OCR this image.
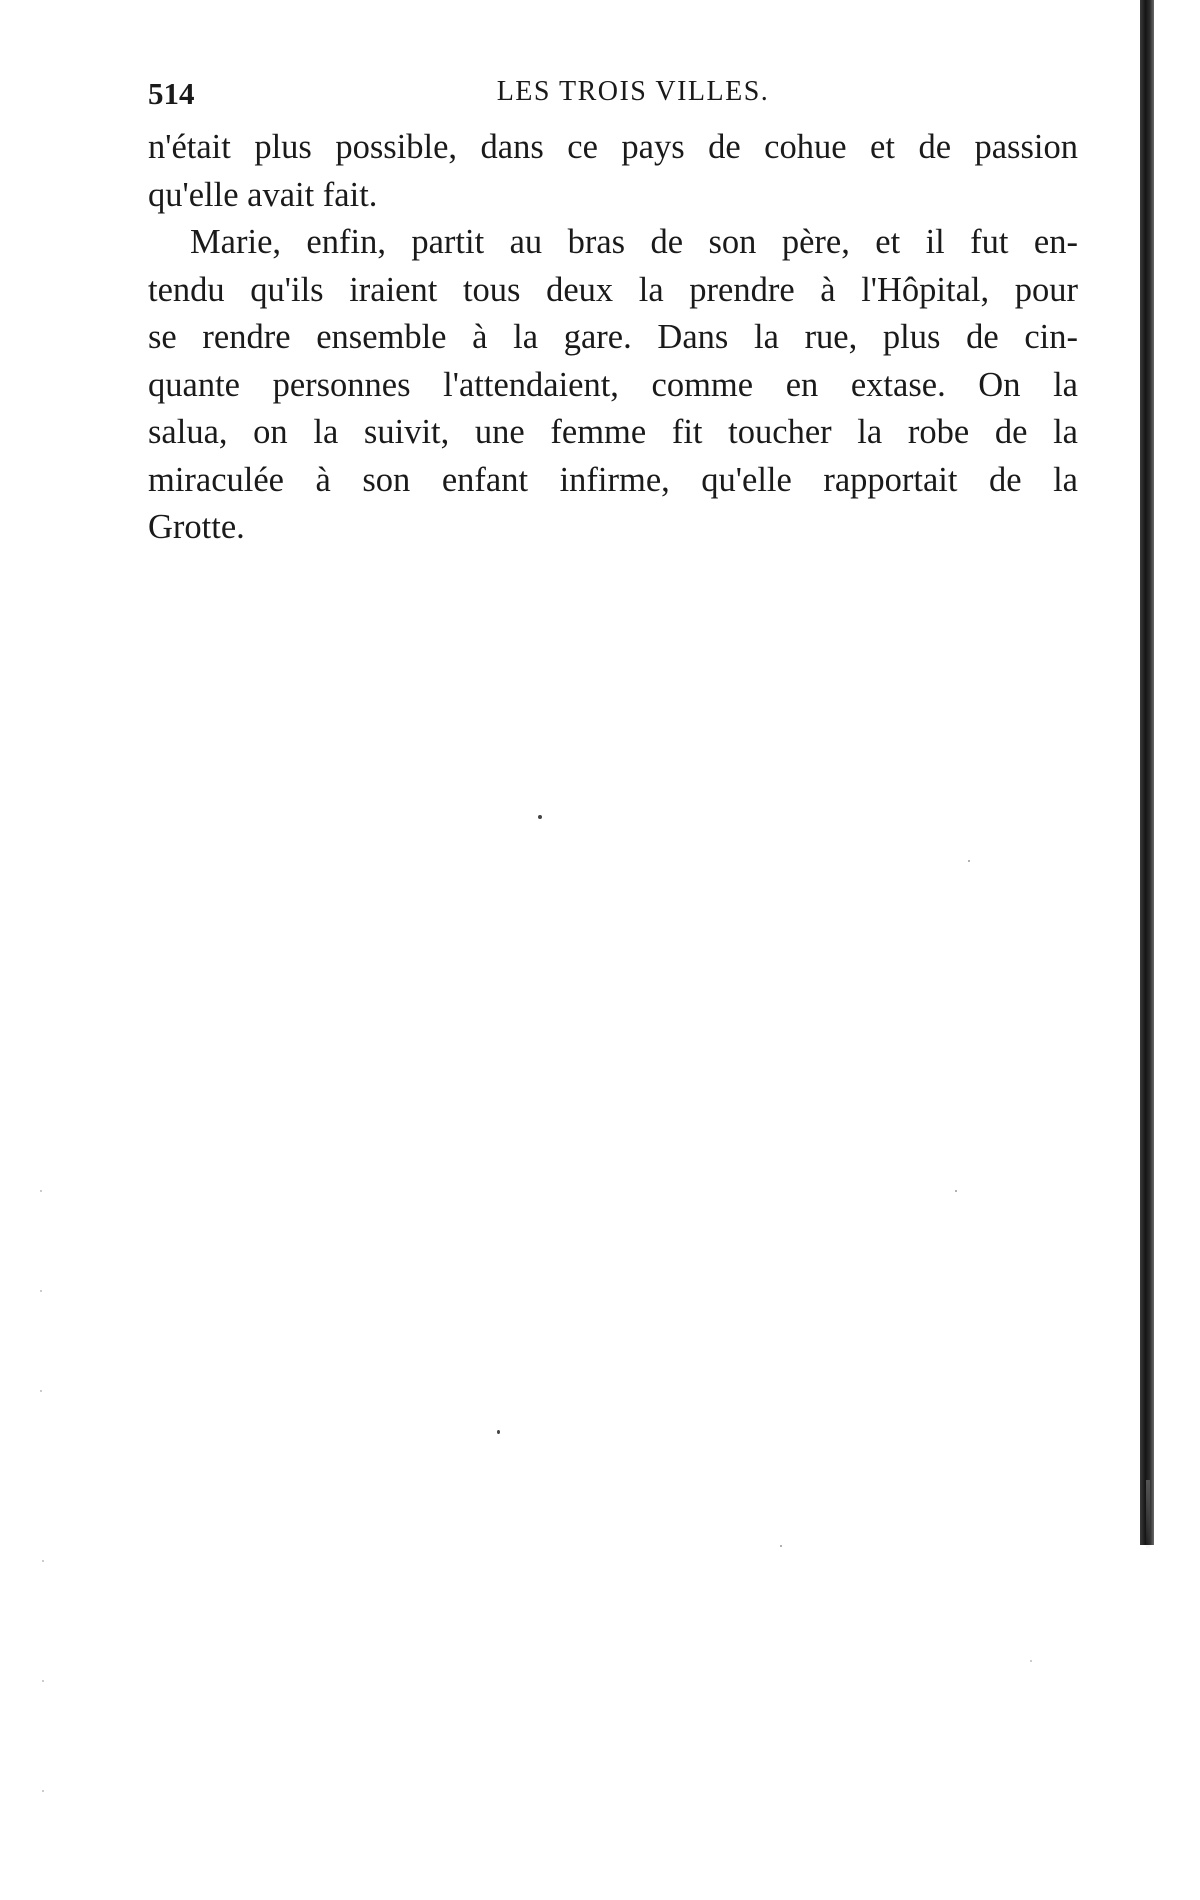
514	LES TROIS VILLES.
n'était plus possible, dans ce pays de cohue et de passion
qu'elle avait fait.
Marie, enfin, partit au bras de son père, et il fut en-
tendu qu'ils iraient tous deux la prendre à l'Hôpital, pour
se rendre ensemble à la gare. Dans la rue, plus de cin-
quante personnes l'attendaient, comme en extase. On la
salua, on la suivit, une femme fit toucher la robe de la
miraculée à son enfant infirme, qu'elle rapportait de la
Grotte.
